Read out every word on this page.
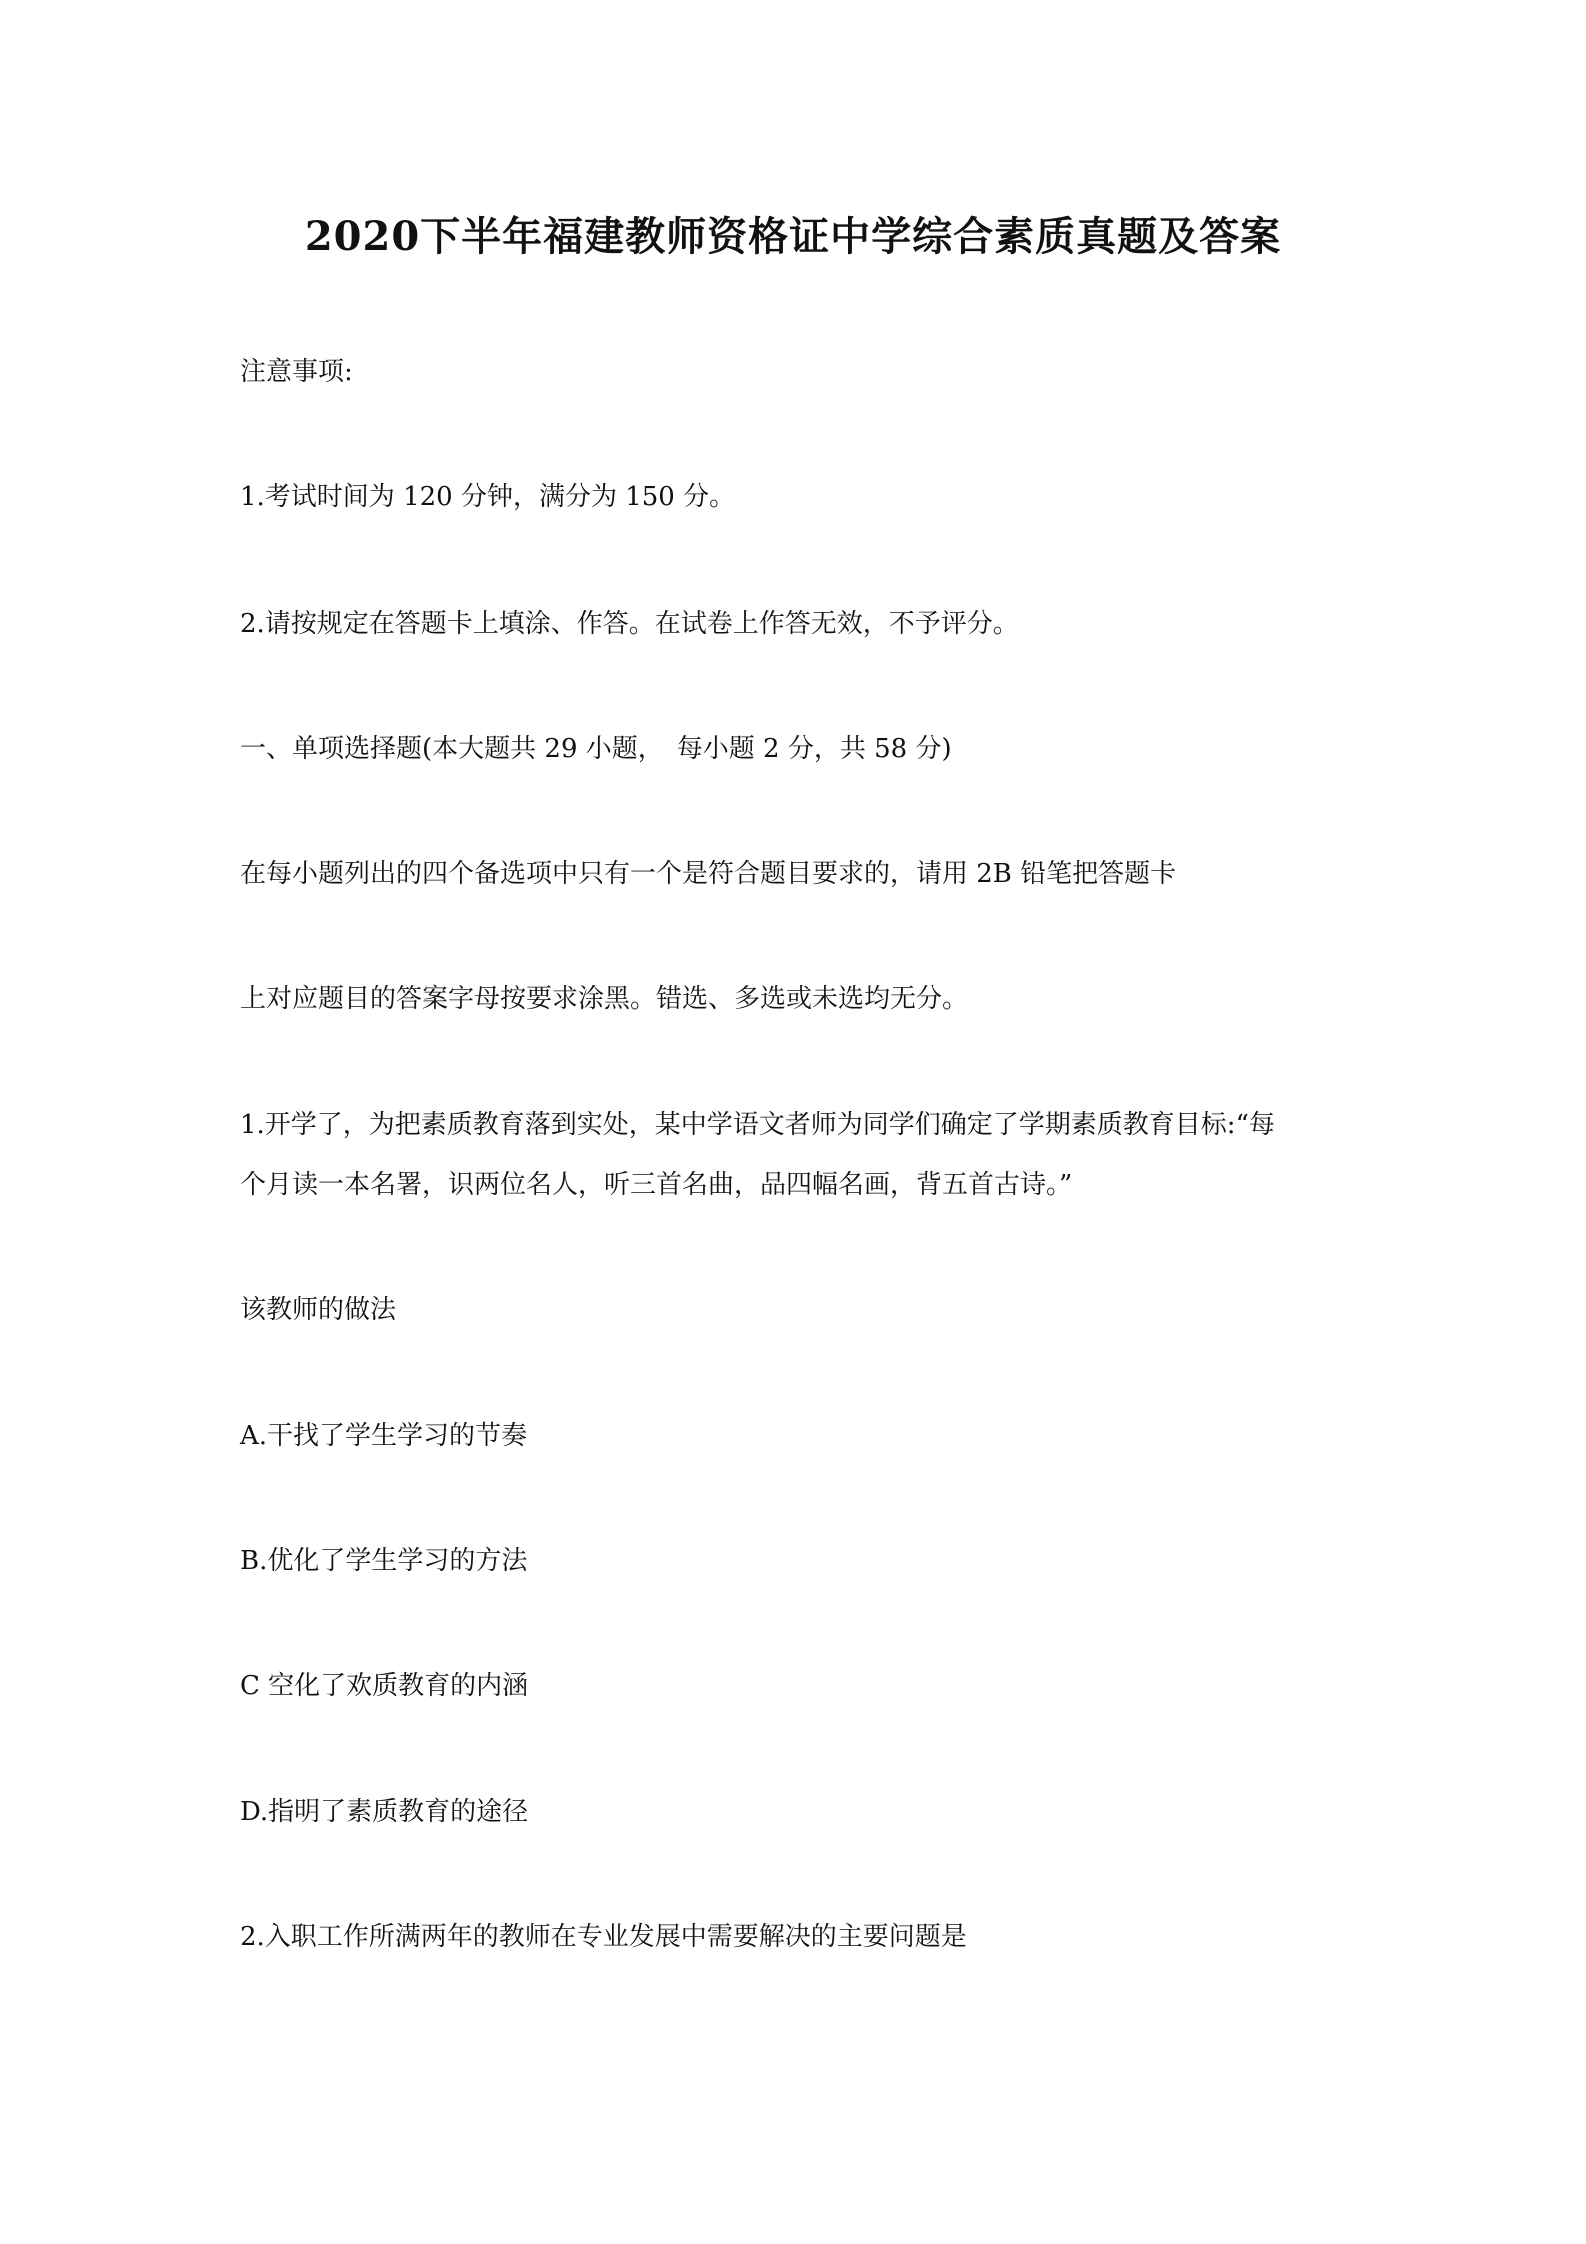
2020下半年福建教师资格证中学综合素质真题及答案
注意事项:
1.考试时间为 120 分钟，满分为 150 分。
2.请按规定在答题卡上填涂、作答。在试卷上作答无效，不予评分。
一、单项选择题(本大题共 29 小题，　每小题 2 分，共 58 分)
在每小题列出的四个备选项中只有一个是符合题目要求的，请用 2B 铅笔把答题卡
上对应题目的答案字母按要求涂黑。错选、多选或未选均无分。
1.开学了，为把素质教育落到实处，某中学语文者师为同学们确定了学期素质教育目标:“每
个月读一本名署，识两位名人，听三首名曲，品四幅名画，背五首古诗。”
该教师的做法
A.干找了学生学习的节奏
B.优化了学生学习的方法
C 空化了欢质教育的内涵
D.指明了素质教育的途径
2.入职工作所满两年的教师在专业发展中需要解决的主要问题是
